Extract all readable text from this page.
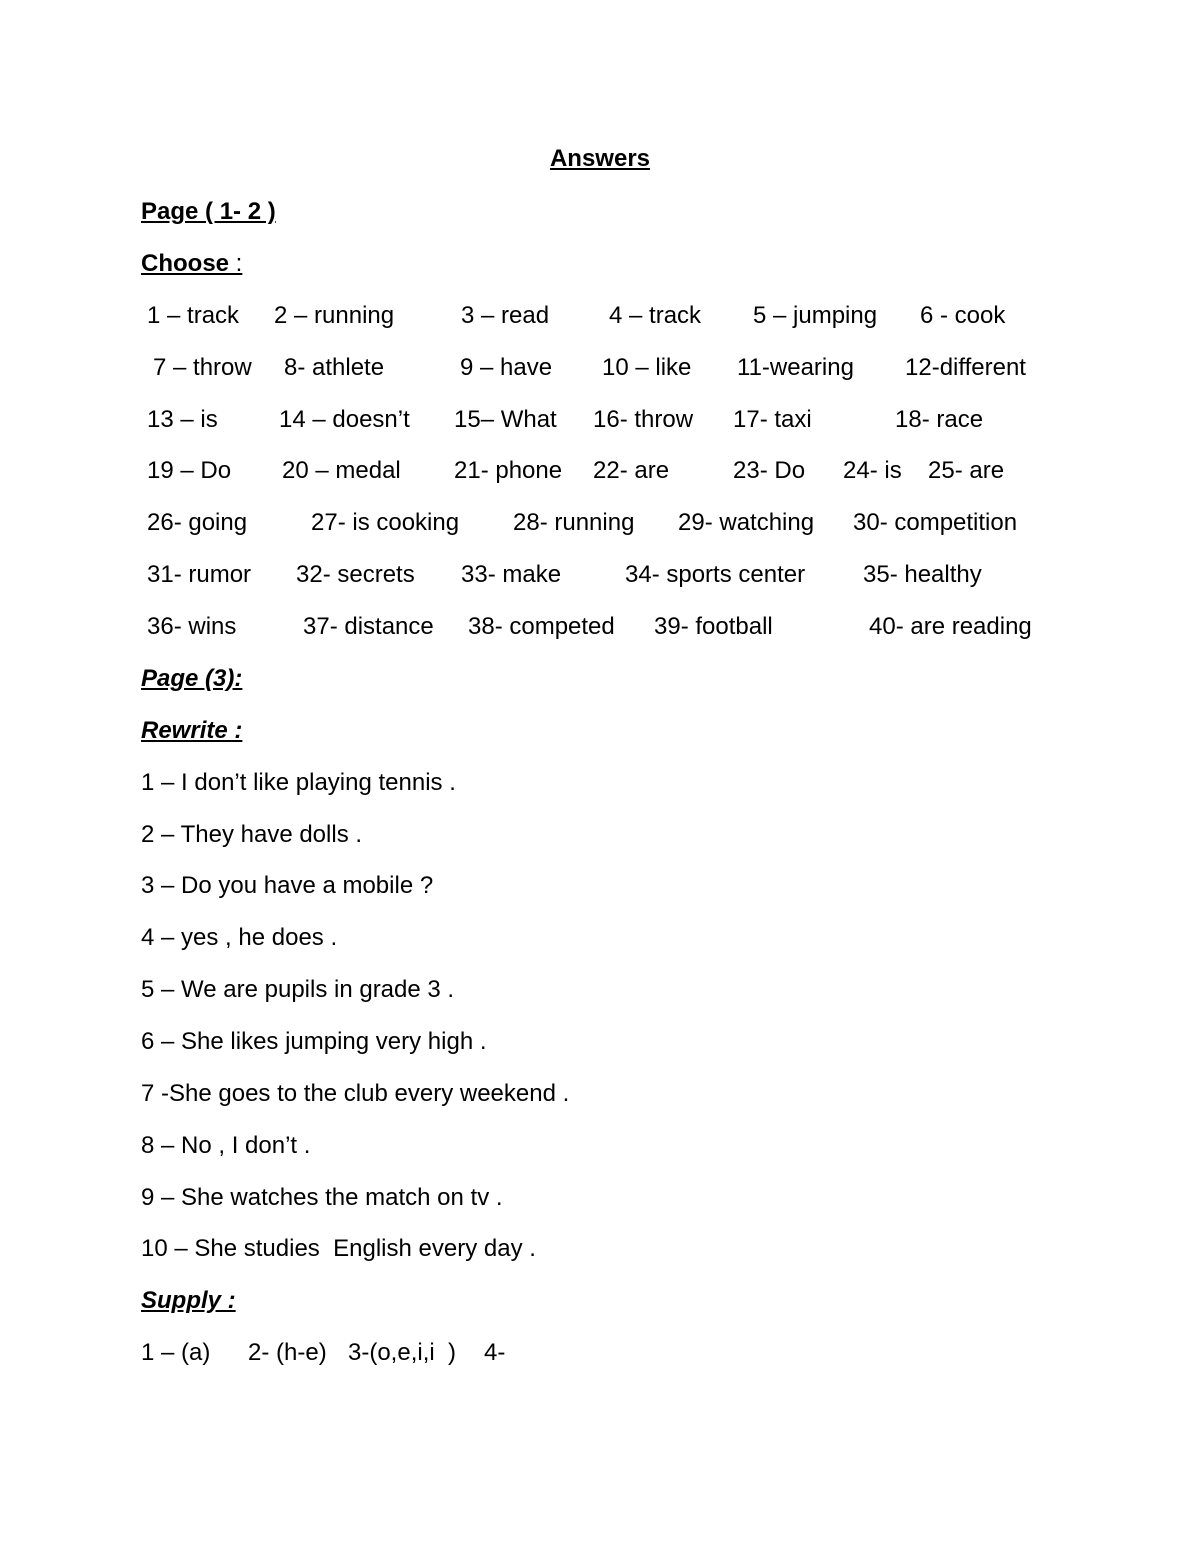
Answers
Page ( 1- 2 )
Choose :
1 – track 2 – running	3 – read 4 – track 5 – jumping 6 - cook
7 – throw 8- athlete	9 – have 10 – like 11-wearing 12-different
13 – is	14 – doesn’t 15– What 16- throw 17- taxi	18- race
19 – Do 20 – medal 21- phone 22- are	23- Do 24- is 25- are
26- going	27- is cooking 28- running 29- watching 30- competition
31- rumor 32- secrets 33- make	34- sports center 35- healthy
36- wins	37- distance 38- competed 39- football	40- are reading
Page (3):
Rewrite :
1 – I don’t like playing tennis .
2 – They have dolls .
3 – Do you have a mobile ?
4 – yes , he does .
5 – We are pupils in grade 3 .
6 – She likes jumping very high .
7 -She goes to the club every weekend .
8 – No , I don’t .
9 – She watches the match on tv .
10 – She studies  English every day .
Supply :
1 – (a) 2- (h-e) 3-(o,e,i,i  ) 4-
